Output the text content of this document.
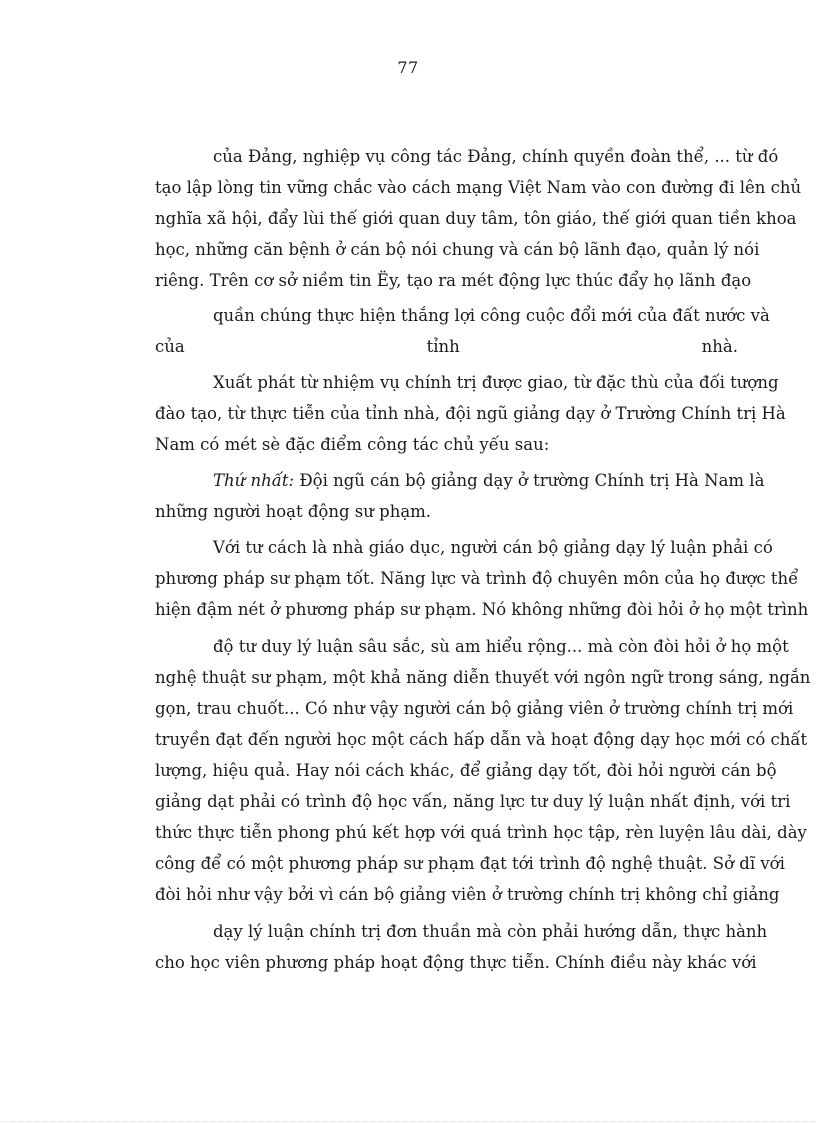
77
của Đảng, nghiệp vụ công tác Đảng, chính quyền đoàn thể, ... từ đó
tạo lập lòng tin vững chắc vào cách mạng Việt Nam vào con đường đi lên chủ
nghĩa xã hội, đẩy lùi thế giới quan duy tâm, tôn giáo, thế giới quan tiền khoa
học, những căn bệnh ở cán bộ nói chung và cán bộ lãnh đạo, quản lý nói
riêng. Trên cơ sở niềm tin Ëy, tạo ra mét động lực thúc đẩy họ lãnh đạo
quần chúng thực hiện thắng lợi công cuộc đổi mới của đất nước và
của tỉnh nhà.
Xuất phát từ nhiệm vụ chính trị được giao, từ đặc thù của đối tượng
đào tạo, từ thực tiễn của tỉnh nhà, đội ngũ giảng dạy ở Trường Chính trị Hà
Nam có mét sè đặc điểm công tác chủ yếu sau:
Thứ nhất: Đội ngũ cán bộ giảng dạy ở trường Chính trị Hà Nam là
những người hoạt động sư phạm.
Với tư cách là nhà giáo dục, người cán bộ giảng dạy lý luận phải có
phương pháp sư phạm tốt. Năng lực và trình độ chuyên môn của họ được thể
hiện đậm nét ở phương pháp sư phạm. Nó không những đòi hỏi ở họ một trình
độ tư duy lý luận sâu sắc, sù am hiểu rộng... mà còn đòi hỏi ở họ một
nghệ thuật sư phạm, một khả năng diễn thuyết với ngôn ngữ trong sáng, ngắn
gọn, trau chuốt... Có như vậy người cán bộ giảng viên ở trường chính trị mới
truyền đạt đến người học một cách hấp dẫn và hoạt động dạy học mới có chất
lượng, hiệu quả. Hay nói cách khác, để giảng dạy tốt, đòi hỏi người cán bộ
giảng dạt phải có trình độ học vấn, năng lực tư duy lý luận nhất định, với tri
thức thực tiễn phong phú kết hợp với quá trình học tập, rèn luyện lâu dài, dày
công để có một phương pháp sư phạm đạt tới trình độ nghệ thuật. Sở dĩ với
đòi hỏi như vậy bởi vì cán bộ giảng viên ở trường chính trị không chỉ giảng
dạy lý luận chính trị đơn thuần mà còn phải hướng dẫn, thực hành
cho học viên phương pháp hoạt động thực tiễn. Chính điều này khác với
